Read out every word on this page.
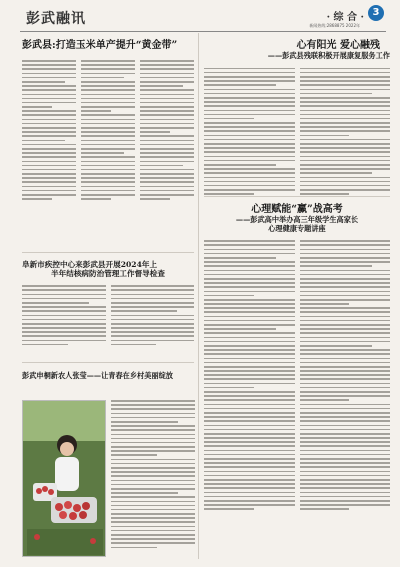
彭武融讯	· 综 合 · 3
新闻热线:2868875 2022年
彭武县:打造玉米单产提升“黄金带”
阜新市疾控中心来彭武县开展2024年上
半年结核病防治管理工作督导检查
彭武申桐新农人张莹——让青春在乡村美丽绽放
心有阳光 爱心融残
——彭武县残联积极开展康复服务工作
心理赋能“赢”战高考
——彭武高中举办高三年级学生高家长
心理健康专题讲座
